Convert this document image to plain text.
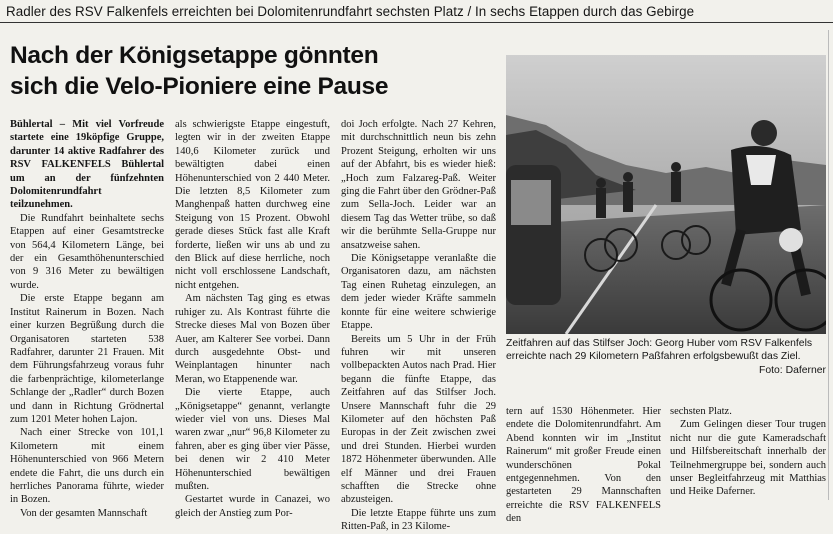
Radler des RSV Falkenfels erreichten bei Dolomitenrundfahrt sechsten Platz / In sechs Etappen durch das Gebirge
Nach der Königsetappe gönnten
sich die Velo-Pioniere eine Pause

Bühlertal – Mit viel Vorfreude startete eine 19köpfige Gruppe, darunter 14 aktive Radfahrer des RSV FALKENFELS Bühlertal um an der fünfzehnten Dolomitenrundfahrt teilzunehmen.

Die Rundfahrt beinhaltete sechs Etappen auf einer Gesamtstrecke von 564,4 Kilometern Länge, bei der ein Gesamthöhenunterschied von 9 316 Meter zu bewältigen wurde.

Die erste Etappe begann am Institut Rainerum in Bozen. Nach einer kurzen Begrüßung durch die Organisatoren starteten 538 Radfahrer, darunter 21 Frauen. Mit dem Führungsfahrzeug voraus fuhr die farbenprächtige, kilometerlange Schlange der „Radler“ durch Bozen und dann in Richtung Grödnertal zum 1201 Meter hohen Lajon.

Nach einer Strecke von 101,1 Kilometern mit einem Höhenunterschied von 966 Metern endete die Fahrt, die uns durch ein herrliches Panorama führte, wieder in Bozen.

Von der gesamten Mannschaft

als schwierigste Etappe eingestuft, legten wir in der zweiten Etappe 140,6 Kilometer zurück und bewältigten dabei einen Höhenunterschied von 2 440 Meter. Die letzten 8,5 Kilometer zum Manghenpaß hatten durchweg eine Steigung von 15 Prozent. Obwohl gerade dieses Stück fast alle Kraft forderte, ließen wir uns ab und zu den Blick auf diese herrliche, noch nicht voll erschlossene Landschaft, nicht entgehen.

Am nächsten Tag ging es etwas ruhiger zu. Als Kontrast führte die Strecke dieses Mal von Bozen über Auer, am Kalterer See vorbei. Dann durch ausgedehnte Obst- und Weinplantagen hinunter nach Meran, wo Etappenende war.

Die vierte Etappe, auch „Königsetappe“ genannt, verlangte wieder viel von uns. Dieses Mal waren zwar „nur“ 96,8 Kilometer zu fahren, aber es ging über vier Pässe, bei denen wir 2 410 Meter Höhenunterschied bewältigen mußten.

Gestartet wurde in Canazei, wo gleich der Anstieg zum Por-

doi Joch erfolgte. Nach 27 Kehren, mit durchschnittlich neun bis zehn Prozent Steigung, erholten wir uns auf der Abfahrt, bis es wieder hieß: „Hoch zum Falzareg-Paß. Weiter ging die Fahrt über den Grödner-Paß zum Sella-Joch. Leider war an diesem Tag das Wetter trübe, so daß wir die berühmte Sella-Gruppe nur ansatzweise sahen.

Die Königsetappe veranlaßte die Organisatoren dazu, am nächsten Tag einen Ruhetag einzulegen, an dem jeder wieder Kräfte sammeln konnte für eine weitere schwierige Etappe.

Bereits um 5 Uhr in der Früh fuhren wir mit unseren vollbepackten Autos nach Prad. Hier begann die fünfte Etappe, das Zeitfahren auf das Stilfser Joch. Unsere Mannschaft fuhr die 29 Kilometer auf den höchsten Paß Europas in der Zeit zwischen zwei und drei Stunden. Hierbei wurden 1872 Höhenmeter überwunden. Alle elf Männer und drei Frauen schafften die Strecke ohne abzusteigen.

Die letzte Etappe führte uns zum Ritten-Paß, in 23 Kilome-

Zeitfahren auf das Stilfser Joch: Georg Huber vom RSV Falkenfels erreichte nach 29 Kilometern Paßfahren erfolgsbewußt das Ziel.
Foto: Daferner

tern auf 1530 Höhenmeter. Hier endete die Dolomitenrundfahrt. Am Abend konnten wir im „Institut Rainerum“ mit großer Freude einen wunderschönen Pokal entgegennehmen. Von den gestarteten 29 Mannschaften erreichte die RSV FALKENFELS den

sechsten Platz.

Zum Gelingen dieser Tour trugen nicht nur die gute Kameradschaft und Hilfsbereitschaft innerhalb der Teilnehmergruppe bei, sondern auch unser Begleitfahrzeug mit Matthias und Heike Daferner.
